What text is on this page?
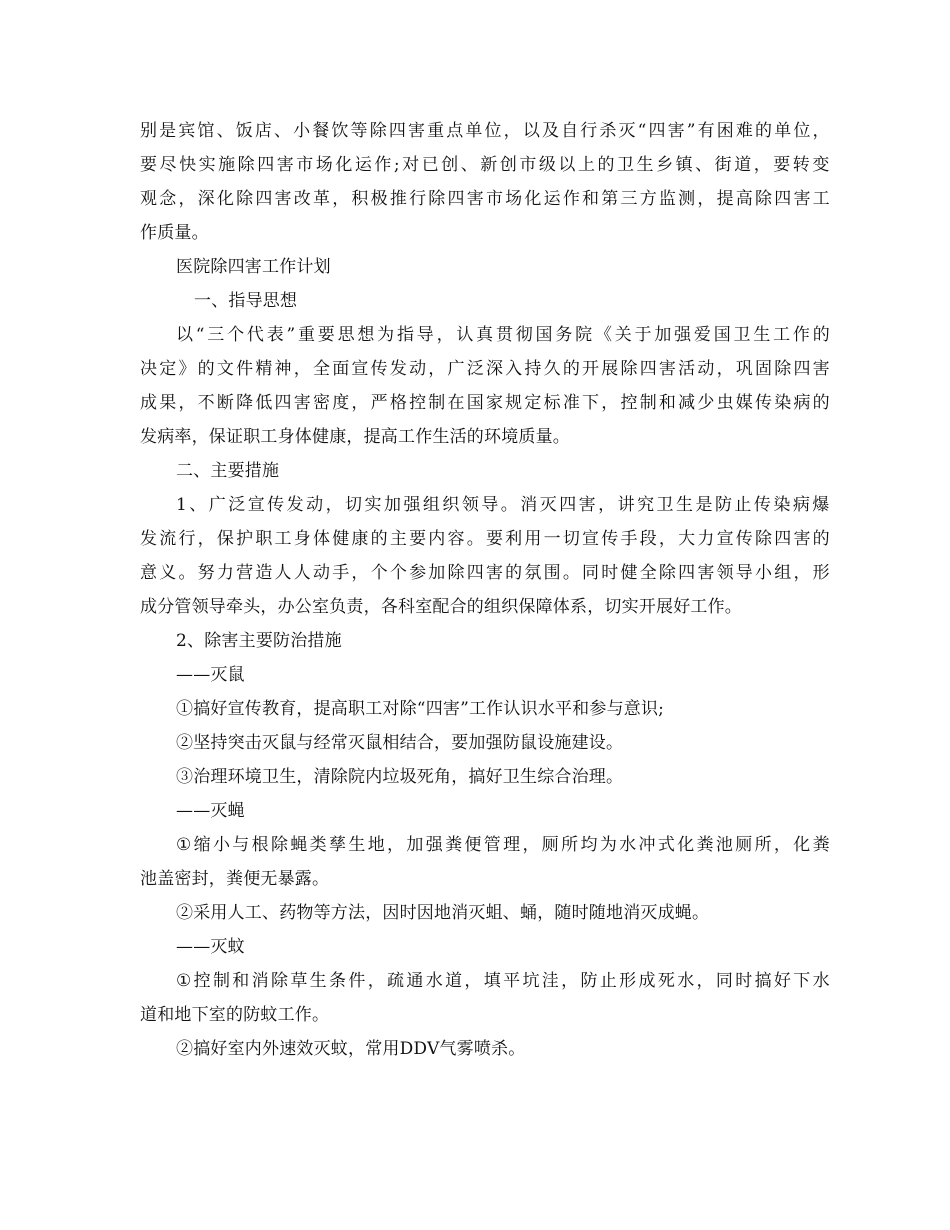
别 是 宾 馆 、 饭 店 、 小 餐 饮 等 除 四 害 重 点 单 位 ， 以 及 自 行 杀 灭 “ 四 害 ” 有 困 难 的 单 位 ，
要 尽 快 实 施 除 四 害 市 场 化 运 作 ; 对 已 创 、 新 创 市 级 以 上 的 卫 生 乡 镇 、 街 道 ， 要 转 变
观 念 ， 深 化 除 四 害 改 革 ， 积 极 推 行 除 四 害 市 场 化 运 作 和 第 三 方 监 测 ， 提 高 除 四 害 工
作质量。
医院除四害工作计划
一、指导思想
以 “ 三 个 代 表 ” 重 要 思 想 为 指 导 ， 认 真 贯 彻 国 务 院 《 关 于 加 强 爱 国 卫 生 工 作 的
决 定 》 的 文 件 精 神 ， 全 面 宣 传 发 动 ， 广 泛 深 入 持 久 的 开 展 除 四 害 活 动 ， 巩 固 除 四 害
成 果 ， 不 断 降 低 四 害 密 度 ， 严 格 控 制 在 国 家 规 定 标 准 下 ， 控 制 和 减 少 虫 媒 传 染 病 的
发病率，保证职工身体健康，提高工作生活的环境质量。
二、主要措施
1 、 广 泛 宣 传 发 动 ， 切 实 加 强 组 织 领 导 。 消 灭 四 害 ， 讲 究 卫 生 是 防 止 传 染 病 爆
发 流 行 ， 保 护 职 工 身 体 健 康 的 主 要 内 容 。 要 利 用 一 切 宣 传 手 段 ， 大 力 宣 传 除 四 害 的
意 义 。 努 力 营 造 人 人 动 手 ， 个 个 参 加 除 四 害 的 氛 围 。 同 时 健 全 除 四 害 领 导 小 组 ， 形
成分管领导牵头，办公室负责，各科室配合的组织保障体系，切实开展好工作。
2、除害主要防治措施
——灭鼠
①搞好宣传教育，提高职工对除“四害”工作认识水平和参与意识;
②坚持突击灭鼠与经常灭鼠相结合，要加强防鼠设施建设。
③治理环境卫生，清除院内垃圾死角，搞好卫生综合治理。
——灭蝇
① 缩 小 与 根 除 蝇 类 孳 生 地 ， 加 强 粪 便 管 理 ， 厕 所 均 为 水 冲 式 化 粪 池 厕 所 ， 化 粪
池盖密封，粪便无暴露。
②采用人工、药物等方法，因时因地消灭蛆、蛹，随时随地消灭成蝇。
——灭蚊
① 控 制 和 消 除 草 生 条 件 ， 疏 通 水 道 ， 填 平 坑 洼 ， 防 止 形 成 死 水 ， 同 时 搞 好 下 水
道和地下室的防蚊工作。
②搞好室内外速效灭蚊，常用DDV气雾喷杀。
